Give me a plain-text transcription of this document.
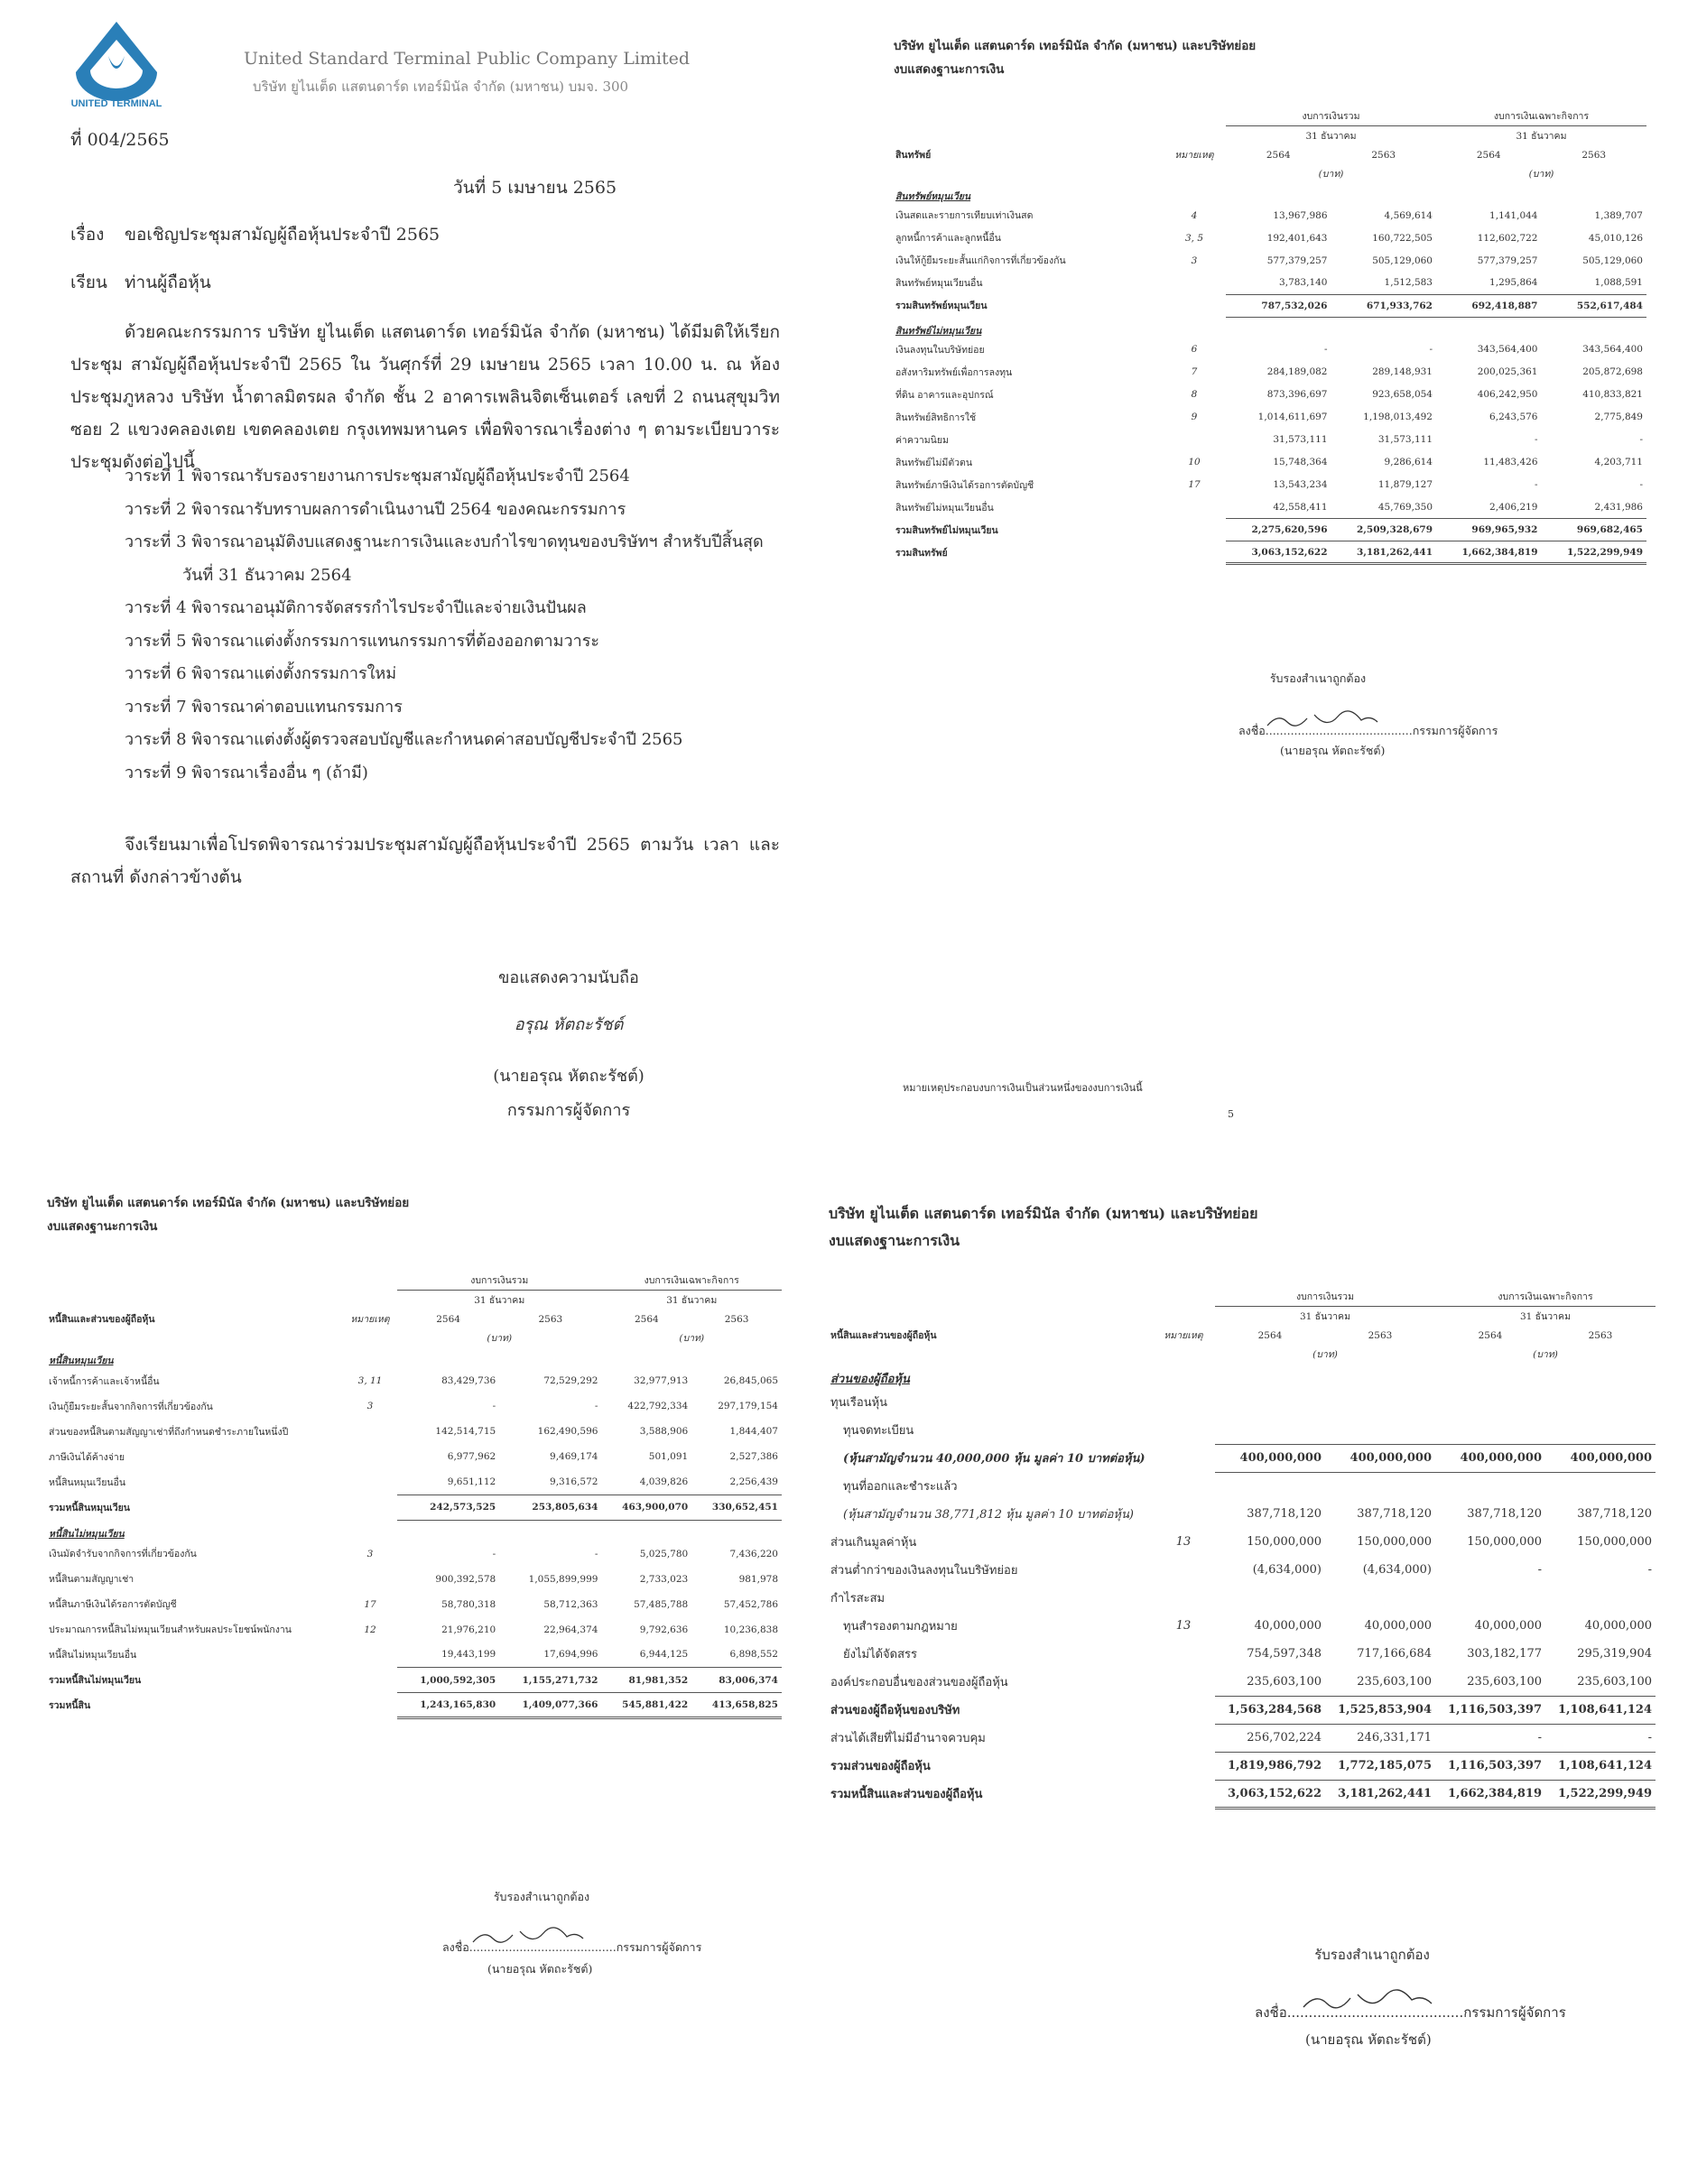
UNITED TERMINAL
United Standard Terminal Public Company Limited
บริษัท ยูไนเต็ด แสตนดาร์ด เทอร์มินัล จำกัด (มหาชน) บมจ. 300
ที่ 004/2565
วันที่ 5 เมษายน 2565
เรื่อง ขอเชิญประชุมสามัญผู้ถือหุ้นประจำปี 2565
เรียน ท่านผู้ถือหุ้น
ด้วยคณะกรรมการ บริษัท ยูไนเต็ด แสตนดาร์ด เทอร์มินัล จำกัด (มหาชน) ได้มีมติให้เรียกประชุม สามัญผู้ถือหุ้นประจำปี 2565 ใน วันศุกร์ที่ 29 เมษายน 2565 เวลา 10.00 น. ณ ห้องประชุมภูหลวง บริษัท น้ำตาลมิตรผล จำกัด ชั้น 2 อาคารเพลินจิตเซ็นเตอร์ เลขที่ 2 ถนนสุขุมวิท ซอย 2 แขวงคลองเตย เขตคลองเตย กรุงเทพมหานคร เพื่อพิจารณาเรื่องต่าง ๆ ตามระเบียบวาระประชุมดังต่อไปนี้
วาระที่ 1 พิจารณารับรองรายงานการประชุมสามัญผู้ถือหุ้นประจำปี 2564
วาระที่ 2 พิจารณารับทราบผลการดำเนินงานปี 2564 ของคณะกรรมการ
วาระที่ 3 พิจารณาอนุมัติงบแสดงฐานะการเงินและงบกำไรขาดทุนของบริษัทฯ สำหรับปีสิ้นสุด
วันที่ 31 ธันวาคม 2564
วาระที่ 4 พิจารณาอนุมัติการจัดสรรกำไรประจำปีและจ่ายเงินปันผล
วาระที่ 5 พิจารณาแต่งตั้งกรรมการแทนกรรมการที่ต้องออกตามวาระ
วาระที่ 6 พิจารณาแต่งตั้งกรรมการใหม่
วาระที่ 7 พิจารณาค่าตอบแทนกรรมการ
วาระที่ 8 พิจารณาแต่งตั้งผู้ตรวจสอบบัญชีและกำหนดค่าสอบบัญชีประจำปี 2565
วาระที่ 9 พิจารณาเรื่องอื่น ๆ (ถ้ามี)
จึงเรียนมาเพื่อโปรดพิจารณาร่วมประชุมสามัญผู้ถือหุ้นประจำปี 2565 ตามวัน เวลา และสถานที่ ดังกล่าวข้างต้น
ขอแสดงความนับถือ
อรุณ หัตถะรัชต์
(นายอรุณ หัตถะรัชต์)
กรรมการผู้จัดการ
บริษัท ยูไนเต็ด แสตนดาร์ด เทอร์มินัล จำกัด (มหาชน) และบริษัทย่อย
งบแสดงฐานะการเงิน
		งบการเงินรวม		งบการเงินเฉพาะกิจการ	
		31 ธันวาคม		31 ธันวาคม	
สินทรัพย์	หมายเหตุ	2564	2563	2564	2563
		(บาท)		(บาท)	
สินทรัพย์หมุนเวียน					
เงินสดและรายการเทียบเท่าเงินสด	4	13,967,986	4,569,614	1,141,044	1,389,707
ลูกหนี้การค้าและลูกหนี้อื่น	3, 5	192,401,643	160,722,505	112,602,722	45,010,126
เงินให้กู้ยืมระยะสั้นแก่กิจการที่เกี่ยวข้องกัน	3	577,379,257	505,129,060	577,379,257	505,129,060
สินทรัพย์หมุนเวียนอื่น		3,783,140	1,512,583	1,295,864	1,088,591
รวมสินทรัพย์หมุนเวียน		787,532,026	671,933,762	692,418,887	552,617,484
สินทรัพย์ไม่หมุนเวียน					
เงินลงทุนในบริษัทย่อย	6	-	-	343,564,400	343,564,400
อสังหาริมทรัพย์เพื่อการลงทุน	7	284,189,082	289,148,931	200,025,361	205,872,698
ที่ดิน อาคารและอุปกรณ์	8	873,396,697	923,658,054	406,242,950	410,833,821
สินทรัพย์สิทธิการใช้	9	1,014,611,697	1,198,013,492	6,243,576	2,775,849
ค่าความนิยม		31,573,111	31,573,111	-	-
สินทรัพย์ไม่มีตัวตน	10	15,748,364	9,286,614	11,483,426	4,203,711
สินทรัพย์ภาษีเงินได้รอการตัดบัญชี	17	13,543,234	11,879,127	-	-
สินทรัพย์ไม่หมุนเวียนอื่น		42,558,411	45,769,350	2,406,219	2,431,986
รวมสินทรัพย์ไม่หมุนเวียน		2,275,620,596	2,509,328,679	969,965,932	969,682,465
รวมสินทรัพย์		3,063,152,622	3,181,262,441	1,662,384,819	1,522,299,949
รับรองสำเนาถูกต้อง
ลงชื่อ.........................................กรรมการผู้จัดการ
(นายอรุณ หัตถะรัชต์)
หมายเหตุประกอบงบการเงินเป็นส่วนหนึ่งของงบการเงินนี้
5
บริษัท ยูไนเต็ด แสตนดาร์ด เทอร์มินัล จำกัด (มหาชน) และบริษัทย่อย
งบแสดงฐานะการเงิน
		งบการเงินรวม		งบการเงินเฉพาะกิจการ	
		31 ธันวาคม		31 ธันวาคม	
หนี้สินและส่วนของผู้ถือหุ้น	หมายเหตุ	2564	2563	2564	2563
		(บาท)		(บาท)	
หนี้สินหมุนเวียน					
เจ้าหนี้การค้าและเจ้าหนี้อื่น	3, 11	83,429,736	72,529,292	32,977,913	26,845,065
เงินกู้ยืมระยะสั้นจากกิจการที่เกี่ยวข้องกัน	3	-	-	422,792,334	297,179,154
ส่วนของหนี้สินตามสัญญาเช่าที่ถึงกำหนดชำระภายในหนึ่งปี		142,514,715	162,490,596	3,588,906	1,844,407
ภาษีเงินได้ค้างจ่าย		6,977,962	9,469,174	501,091	2,527,386
หนี้สินหมุนเวียนอื่น		9,651,112	9,316,572	4,039,826	2,256,439
รวมหนี้สินหมุนเวียน		242,573,525	253,805,634	463,900,070	330,652,451
หนี้สินไม่หมุนเวียน					
เงินมัดจำรับจากกิจการที่เกี่ยวข้องกัน	3	-	-	5,025,780	7,436,220
หนี้สินตามสัญญาเช่า		900,392,578	1,055,899,999	2,733,023	981,978
หนี้สินภาษีเงินได้รอการตัดบัญชี	17	58,780,318	58,712,363	57,485,788	57,452,786
ประมาณการหนี้สินไม่หมุนเวียนสำหรับผลประโยชน์พนักงาน	12	21,976,210	22,964,374	9,792,636	10,236,838
หนี้สินไม่หมุนเวียนอื่น		19,443,199	17,694,996	6,944,125	6,898,552
รวมหนี้สินไม่หมุนเวียน		1,000,592,305	1,155,271,732	81,981,352	83,006,374
รวมหนี้สิน		1,243,165,830	1,409,077,366	545,881,422	413,658,825
รับรองสำเนาถูกต้อง
ลงชื่อ.........................................กรรมการผู้จัดการ
(นายอรุณ หัตถะรัชต์)
บริษัท ยูไนเต็ด แสตนดาร์ด เทอร์มินัล จำกัด (มหาชน) และบริษัทย่อย
งบแสดงฐานะการเงิน
		งบการเงินรวม		งบการเงินเฉพาะกิจการ	
		31 ธันวาคม		31 ธันวาคม	
หนี้สินและส่วนของผู้ถือหุ้น	หมายเหตุ	2564	2563	2564	2563
		(บาท)		(บาท)	
ส่วนของผู้ถือหุ้น					
ทุนเรือนหุ้น					
ทุนจดทะเบียน					
(หุ้นสามัญจำนวน 40,000,000 หุ้น มูลค่า 10 บาทต่อหุ้น)		400,000,000	400,000,000	400,000,000	400,000,000
ทุนที่ออกและชำระแล้ว					
(หุ้นสามัญจำนวน 38,771,812 หุ้น มูลค่า 10 บาทต่อหุ้น)		387,718,120	387,718,120	387,718,120	387,718,120
ส่วนเกินมูลค่าหุ้น	13	150,000,000	150,000,000	150,000,000	150,000,000
ส่วนต่ำกว่าของเงินลงทุนในบริษัทย่อย		(4,634,000)	(4,634,000)	-	-
กำไรสะสม					
ทุนสำรองตามกฎหมาย	13	40,000,000	40,000,000	40,000,000	40,000,000
ยังไม่ได้จัดสรร		754,597,348	717,166,684	303,182,177	295,319,904
องค์ประกอบอื่นของส่วนของผู้ถือหุ้น		235,603,100	235,603,100	235,603,100	235,603,100
ส่วนของผู้ถือหุ้นของบริษัท		1,563,284,568	1,525,853,904	1,116,503,397	1,108,641,124
ส่วนได้เสียที่ไม่มีอำนาจควบคุม		256,702,224	246,331,171	-	-
รวมส่วนของผู้ถือหุ้น		1,819,986,792	1,772,185,075	1,116,503,397	1,108,641,124
รวมหนี้สินและส่วนของผู้ถือหุ้น		3,063,152,622	3,181,262,441	1,662,384,819	1,522,299,949
รับรองสำเนาถูกต้อง
ลงชื่อ.........................................กรรมการผู้จัดการ
(นายอรุณ หัตถะรัชต์)
